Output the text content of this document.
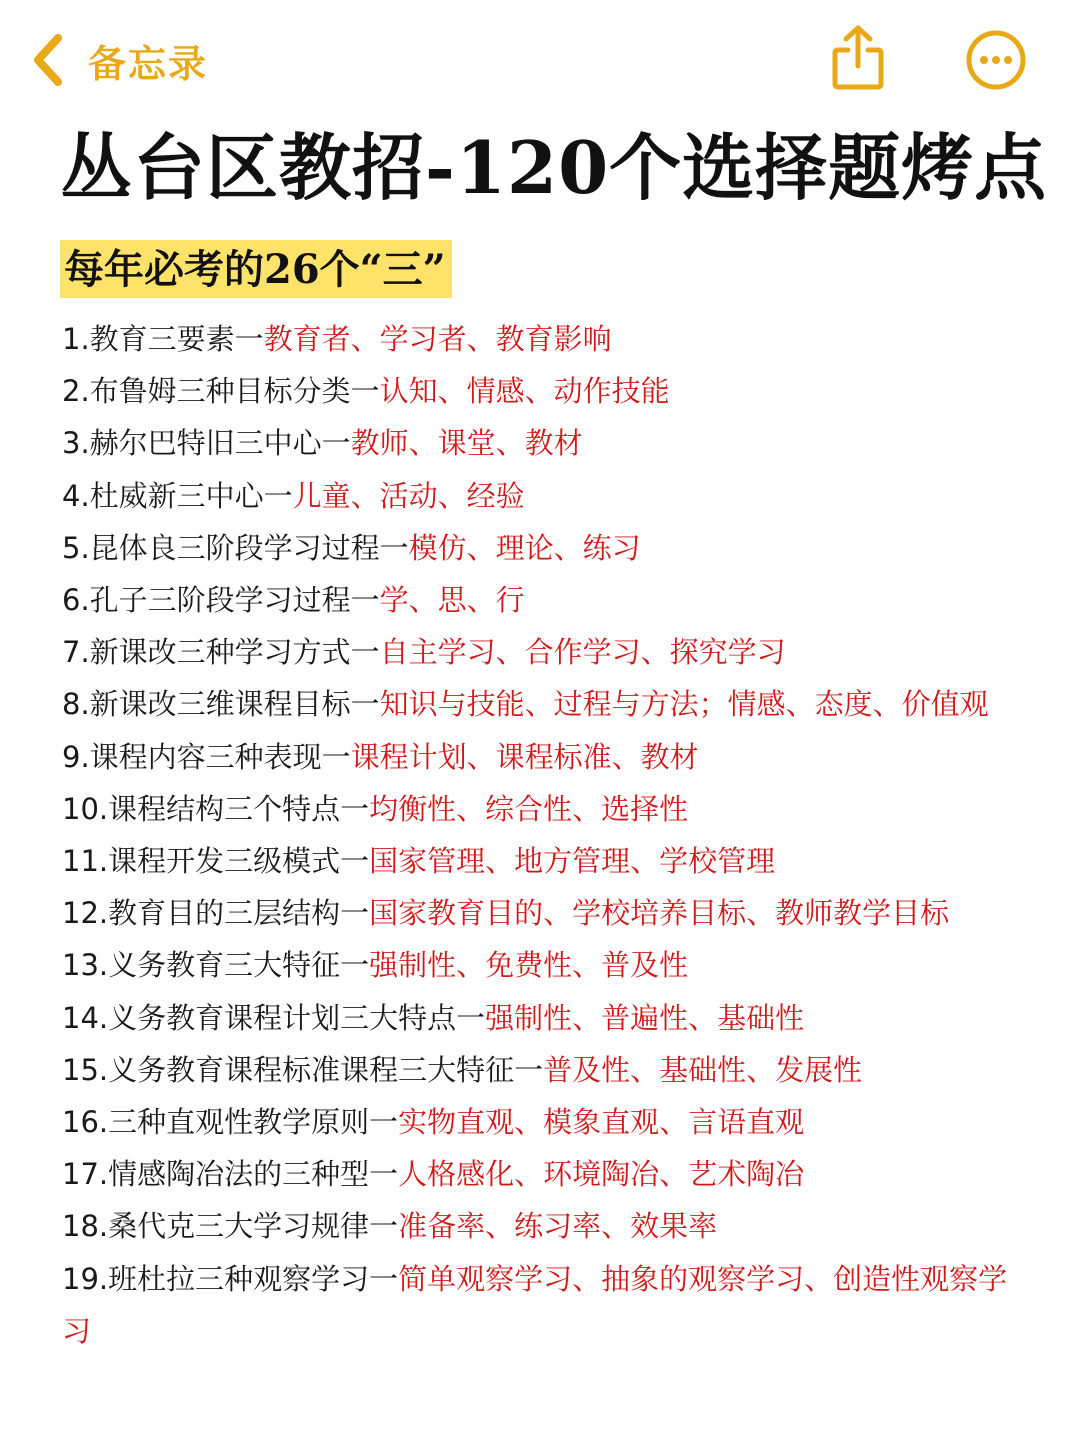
备忘录
丛台区教招-120个选择题烤点
每年必考的26个“三”
1.教育三要素一教育者、学习者、教育影响
2.布鲁姆三种目标分类一认知、情感、动作技能
3.赫尔巴特旧三中心一教师、课堂、教材
4.杜威新三中心一儿童、活动、经验
5.昆体良三阶段学习过程一模仿、理论、练习
6.孔子三阶段学习过程一学、思、行
7.新课改三种学习方式一自主学习、合作学习、探究学习
8.新课改三维课程目标一知识与技能、过程与方法；情感、态度、价值观
9.课程内容三种表现一课程计划、课程标准、教材
10.课程结构三个特点一均衡性、综合性、选择性
11.课程开发三级模式一国家管理、地方管理、学校管理
12.教育目的三层结构一国家教育目的、学校培养目标、教师教学目标
13.义务教育三大特征一强制性、免费性、普及性
14.义务教育课程计划三大特点一强制性、普遍性、基础性
15.义务教育课程标准课程三大特征一普及性、基础性、发展性
16.三种直观性教学原则一实物直观、模象直观、言语直观
17.情感陶冶法的三种型一人格感化、环境陶冶、艺术陶冶
18.桑代克三大学习规律一准备率、练习率、效果率
19.班杜拉三种观察学习一简单观察学习、抽象的观察学习、创造性观察学习
